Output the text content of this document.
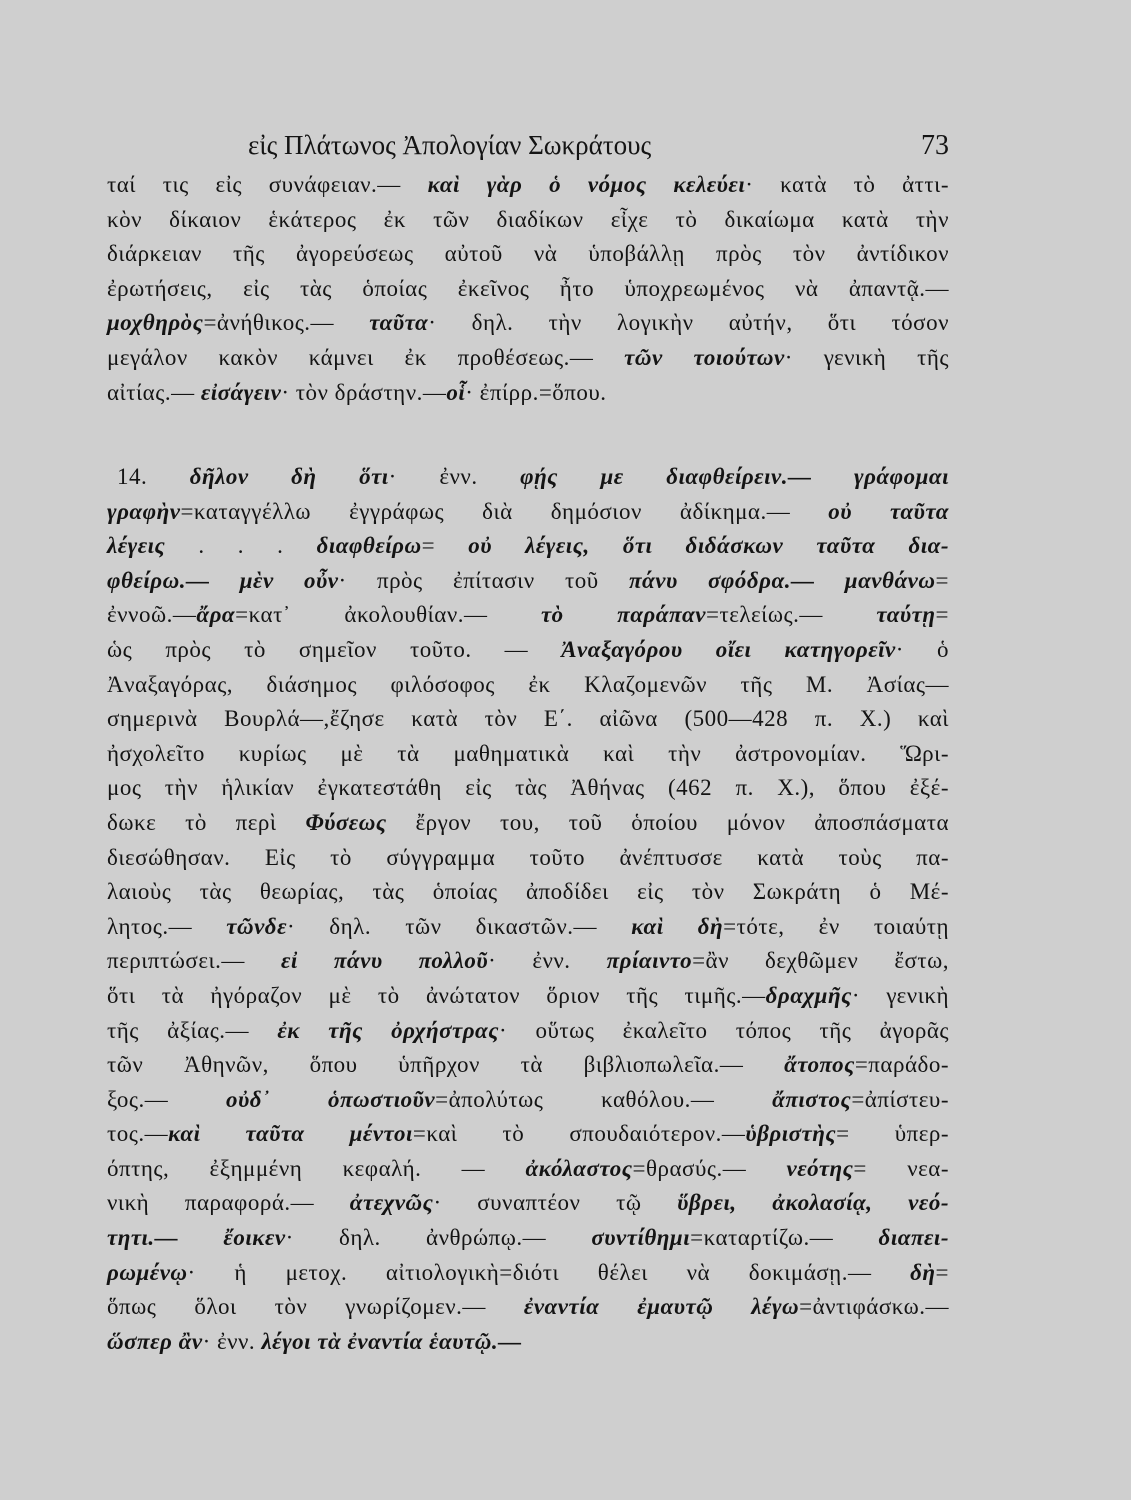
εἰς Πλάτωνος Ἀπολογίαν Σωκράτους	73
ταί τις εἰς συνάφειαν.— καὶ γὰρ ὁ νόμος κελεύει· κατὰ τὸ ἀττι-
κὸν δίκαιον ἑκάτερος ἐκ τῶν διαδίκων εἶχε τὸ δικαίωμα κατὰ τὴν
διάρκειαν τῆς ἀγορεύσεως αὐτοῦ νὰ ὑποβάλλῃ πρὸς τὸν ἀντίδικον
ἐρωτήσεις, εἰς τὰς ὁποίας ἐκεῖνος ἦτο ὑποχρεωμένος νὰ ἀπαντᾷ.—
μοχθηρὸς=ἀνήθικος.— ταῦτα· δηλ. τὴν λογικὴν αὐτήν, ὅτι τόσον
μεγάλον κακὸν κάμνει ἐκ προθέσεως.— τῶν τοιούτων· γενικὴ τῆς
αἰτίας.— εἰσάγειν· τὸν δράστην.—οἷ· ἐπίρρ.=ὅπου.
14. δῆλον δὴ ὅτι· ἐνν. φῄς με διαφθείρειν.— γράφομαι
γραφὴν=καταγγέλλω ἐγγράφως διὰ δημόσιον ἀδίκημα.— οὐ ταῦτα
λέγεις . . . διαφθείρω= οὐ λέγεις, ὅτι διδάσκων ταῦτα δια-
φθείρω.— μὲν οὖν· πρὸς ἐπίτασιν τοῦ πάνυ σφόδρα.— μανθάνω=
ἐννοῶ.—ἄρα=κατ᾽ ἀκολουθίαν.— τὸ παράπαν=τελείως.— ταύτῃ=
ὡς πρὸς τὸ σημεῖον τοῦτο. — Ἀναξαγόρου οἴει κατηγορεῖν· ὁ
Ἀναξαγόρας, διάσημος φιλόσοφος ἐκ Κλαζομενῶν τῆς Μ. Ἀσίας—
σημερινὰ Βουρλά—,ἔζησε κατὰ τὸν Ε΄. αἰῶνα (500—428 π. Χ.) καὶ
ἠσχολεῖτο κυρίως μὲ τὰ μαθηματικὰ καὶ τὴν ἀστρονομίαν. Ὥρι-
μος τὴν ἡλικίαν ἐγκατεστάθη εἰς τὰς Ἀθήνας (462 π. Χ.), ὅπου ἐξέ-
δωκε τὸ περὶ Φύσεως ἔργον του, τοῦ ὁποίου μόνον ἀποσπάσματα
διεσώθησαν. Εἰς τὸ σύγγραμμα τοῦτο ἀνέπτυσσε κατὰ τοὺς πα-
λαιοὺς τὰς θεωρίας, τὰς ὁποίας ἀποδίδει εἰς τὸν Σωκράτη ὁ Μέ-
λητος.— τῶνδε· δηλ. τῶν δικαστῶν.— καὶ δὴ=τότε, ἐν τοιαύτῃ
περιπτώσει.— εἰ πάνυ πολλοῦ· ἐνν. πρίαιντο=ἂν δεχθῶμεν ἔστω,
ὅτι τὰ ἠγόραζον μὲ τὸ ἀνώτατον ὅριον τῆς τιμῆς.—δραχμῆς· γενικὴ
τῆς ἀξίας.— ἐκ τῆς ὀρχήστρας· οὕτως ἐκαλεῖτο τόπος τῆς ἀγορᾶς
τῶν Ἀθηνῶν, ὅπου ὑπῆρχον τὰ βιβλιοπωλεῖα.— ἄτοπος=παράδο-
ξος.— οὐδ᾽ ὁπωστιοῦν=ἀπολύτως καθόλου.— ἄπιστος=ἀπίστευ-
τος.—καὶ ταῦτα μέντοι=καὶ τὸ σπουδαιότερον.—ὑβριστὴς= ὑπερ-
όπτης, ἐξημμένη κεφαλή. — ἀκόλαστος=θρασύς.— νεότης= νεα-
νικὴ παραφορά.— ἀτεχνῶς· συναπτέον τῷ ὕβρει, ἀκολασίᾳ, νεό-
τητι.— ἔοικεν· δηλ. ἀνθρώπῳ.— συντίθημι=καταρτίζω.— διαπει-
ρωμένῳ· ἡ μετοχ. αἰτιολογικὴ=διότι θέλει νὰ δοκιμάσῃ.— δὴ=
ὅπως ὅλοι τὸν γνωρίζομεν.— ἐναντία ἐμαυτῷ λέγω=ἀντιφάσκω.—
ὥσπερ ἂν· ἐνν. λέγοι τὰ ἐναντία ἑαυτῷ.—
